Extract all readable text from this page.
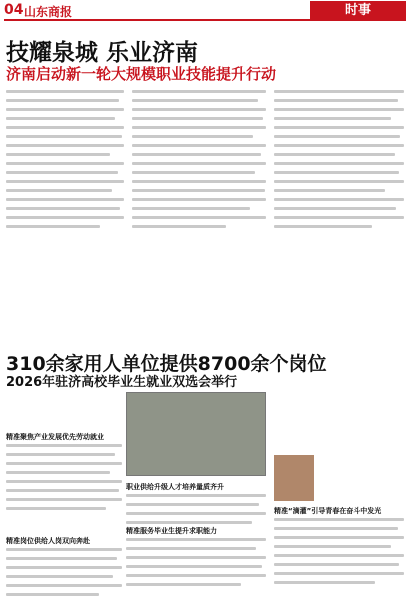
04 山东商报	时事
技耀泉城 乐业济南
济南启动新一轮大规模职业技能提升行动
310余家用人单位提供8700余个岗位
2026年驻济高校毕业生就业双选会举行
精准聚焦产业发展优先劳动就业
精准岗位供给人岗双向奔赴
职业供给升级人才培养量质齐升
精准服务毕业生提升求职能力
精准“滴灌”引导青春在奋斗中发光
